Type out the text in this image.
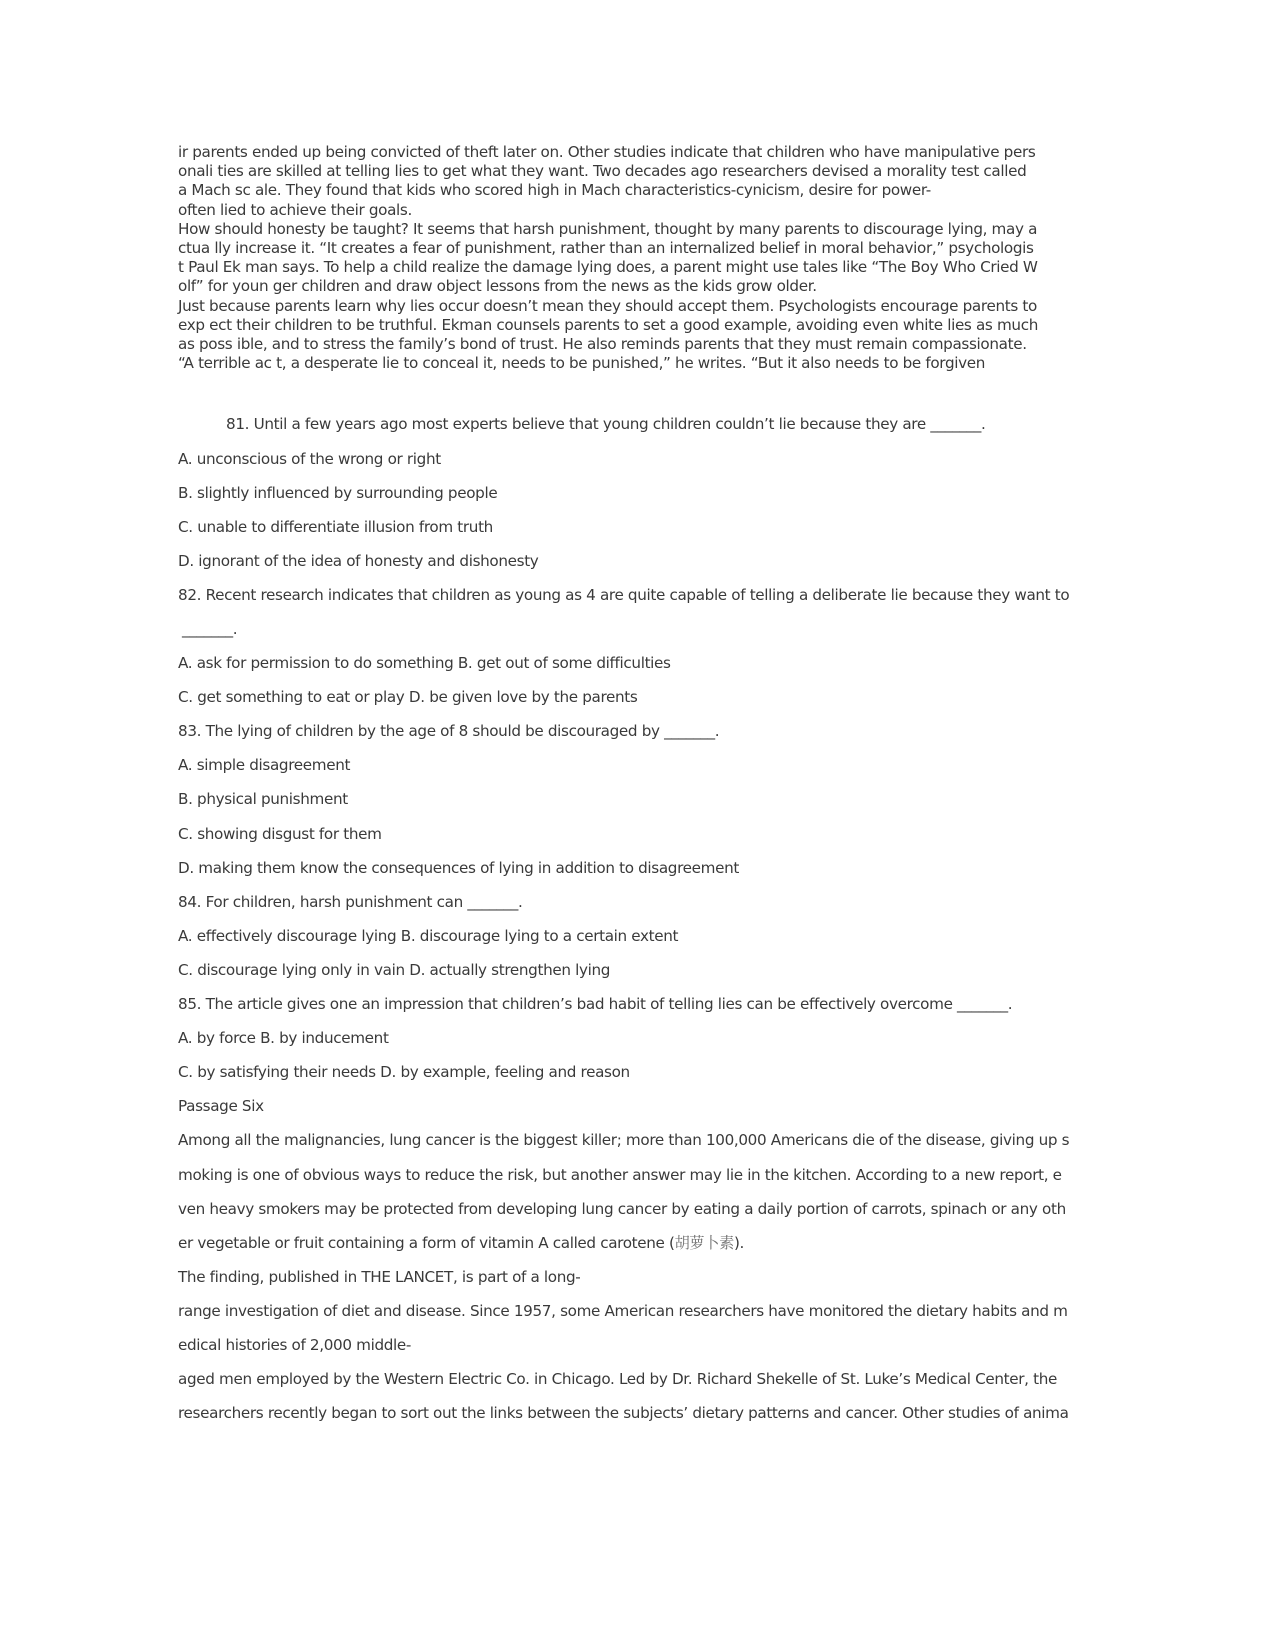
ir parents ended up being convicted of theft later on. Other studies indicate that children who have manipulative personali ties are skilled at telling lies to get what they want. Two decades ago researchers devised a morality test called a Mach sc ale. They found that kids who scored high in Mach characteristics-cynicism, desire for power-

often lied to achieve their goals.

How should honesty be taught? It seems that harsh punishment, thought by many parents to discourage lying, may actua lly increase it. “It creates a fear of punishment, rather than an internalized belief in moral behavior,” psychologist Paul Ek man says. To help a child realize the damage lying does, a parent might use tales like “The Boy Who Cried Wolf” for youn ger children and draw object lessons from the news as the kids grow older.

Just because parents learn why lies occur doesn’t mean they should accept them. Psychologists encourage parents to exp ect their children to be truthful. Ekman counsels parents to set a good example, avoiding even white lies as much as poss ible, and to stress the family’s bond of trust. He also reminds parents that they must remain compassionate. “A terrible ac t, a desperate lie to conceal it, needs to be punished,” he writes. “But it also needs to be forgiven

81. Until a few years ago most experts believe that young children couldn’t lie because they are _______.

A. unconscious of the wrong or right

B. slightly influenced by surrounding people

C. unable to differentiate illusion from truth

D. ignorant of the idea of honesty and dishonesty

82. Recent research indicates that children as young as 4 are quite capable of telling a deliberate lie because they want to

_______.

A. ask for permission to do something B. get out of some difficulties

C. get something to eat or play D. be given love by the parents

83. The lying of children by the age of 8 should be discouraged by _______.

A. simple disagreement

B. physical punishment

C. showing disgust for them

D. making them know the consequences of lying in addition to disagreement

84. For children, harsh punishment can _______.

A. effectively discourage lying B. discourage lying to a certain extent

C. discourage lying only in vain D. actually strengthen lying

85. The article gives one an impression that children’s bad habit of telling lies can be effectively overcome _______.

A. by force B. by inducement

C. by satisfying their needs D. by example, feeling and reason

Passage Six

Among all the malignancies, lung cancer is the biggest killer; more than 100,000 Americans die of the disease, giving up s

moking is one of obvious ways to reduce the risk, but another answer may lie in the kitchen. According to a new report, e

ven heavy smokers may be protected from developing lung cancer by eating a daily portion of carrots, spinach or any oth

er vegetable or fruit containing a form of vitamin A called carotene (胡萝卜素).

The finding, published in THE LANCET, is part of a long-

range investigation of diet and disease. Since 1957, some American researchers have monitored the dietary habits and m

edical histories of 2,000 middle-

aged men employed by the Western Electric Co. in Chicago. Led by Dr. Richard Shekelle of St. Luke’s Medical Center, the

researchers recently began to sort out the links between the subjects’ dietary patterns and cancer. Other studies of anima
